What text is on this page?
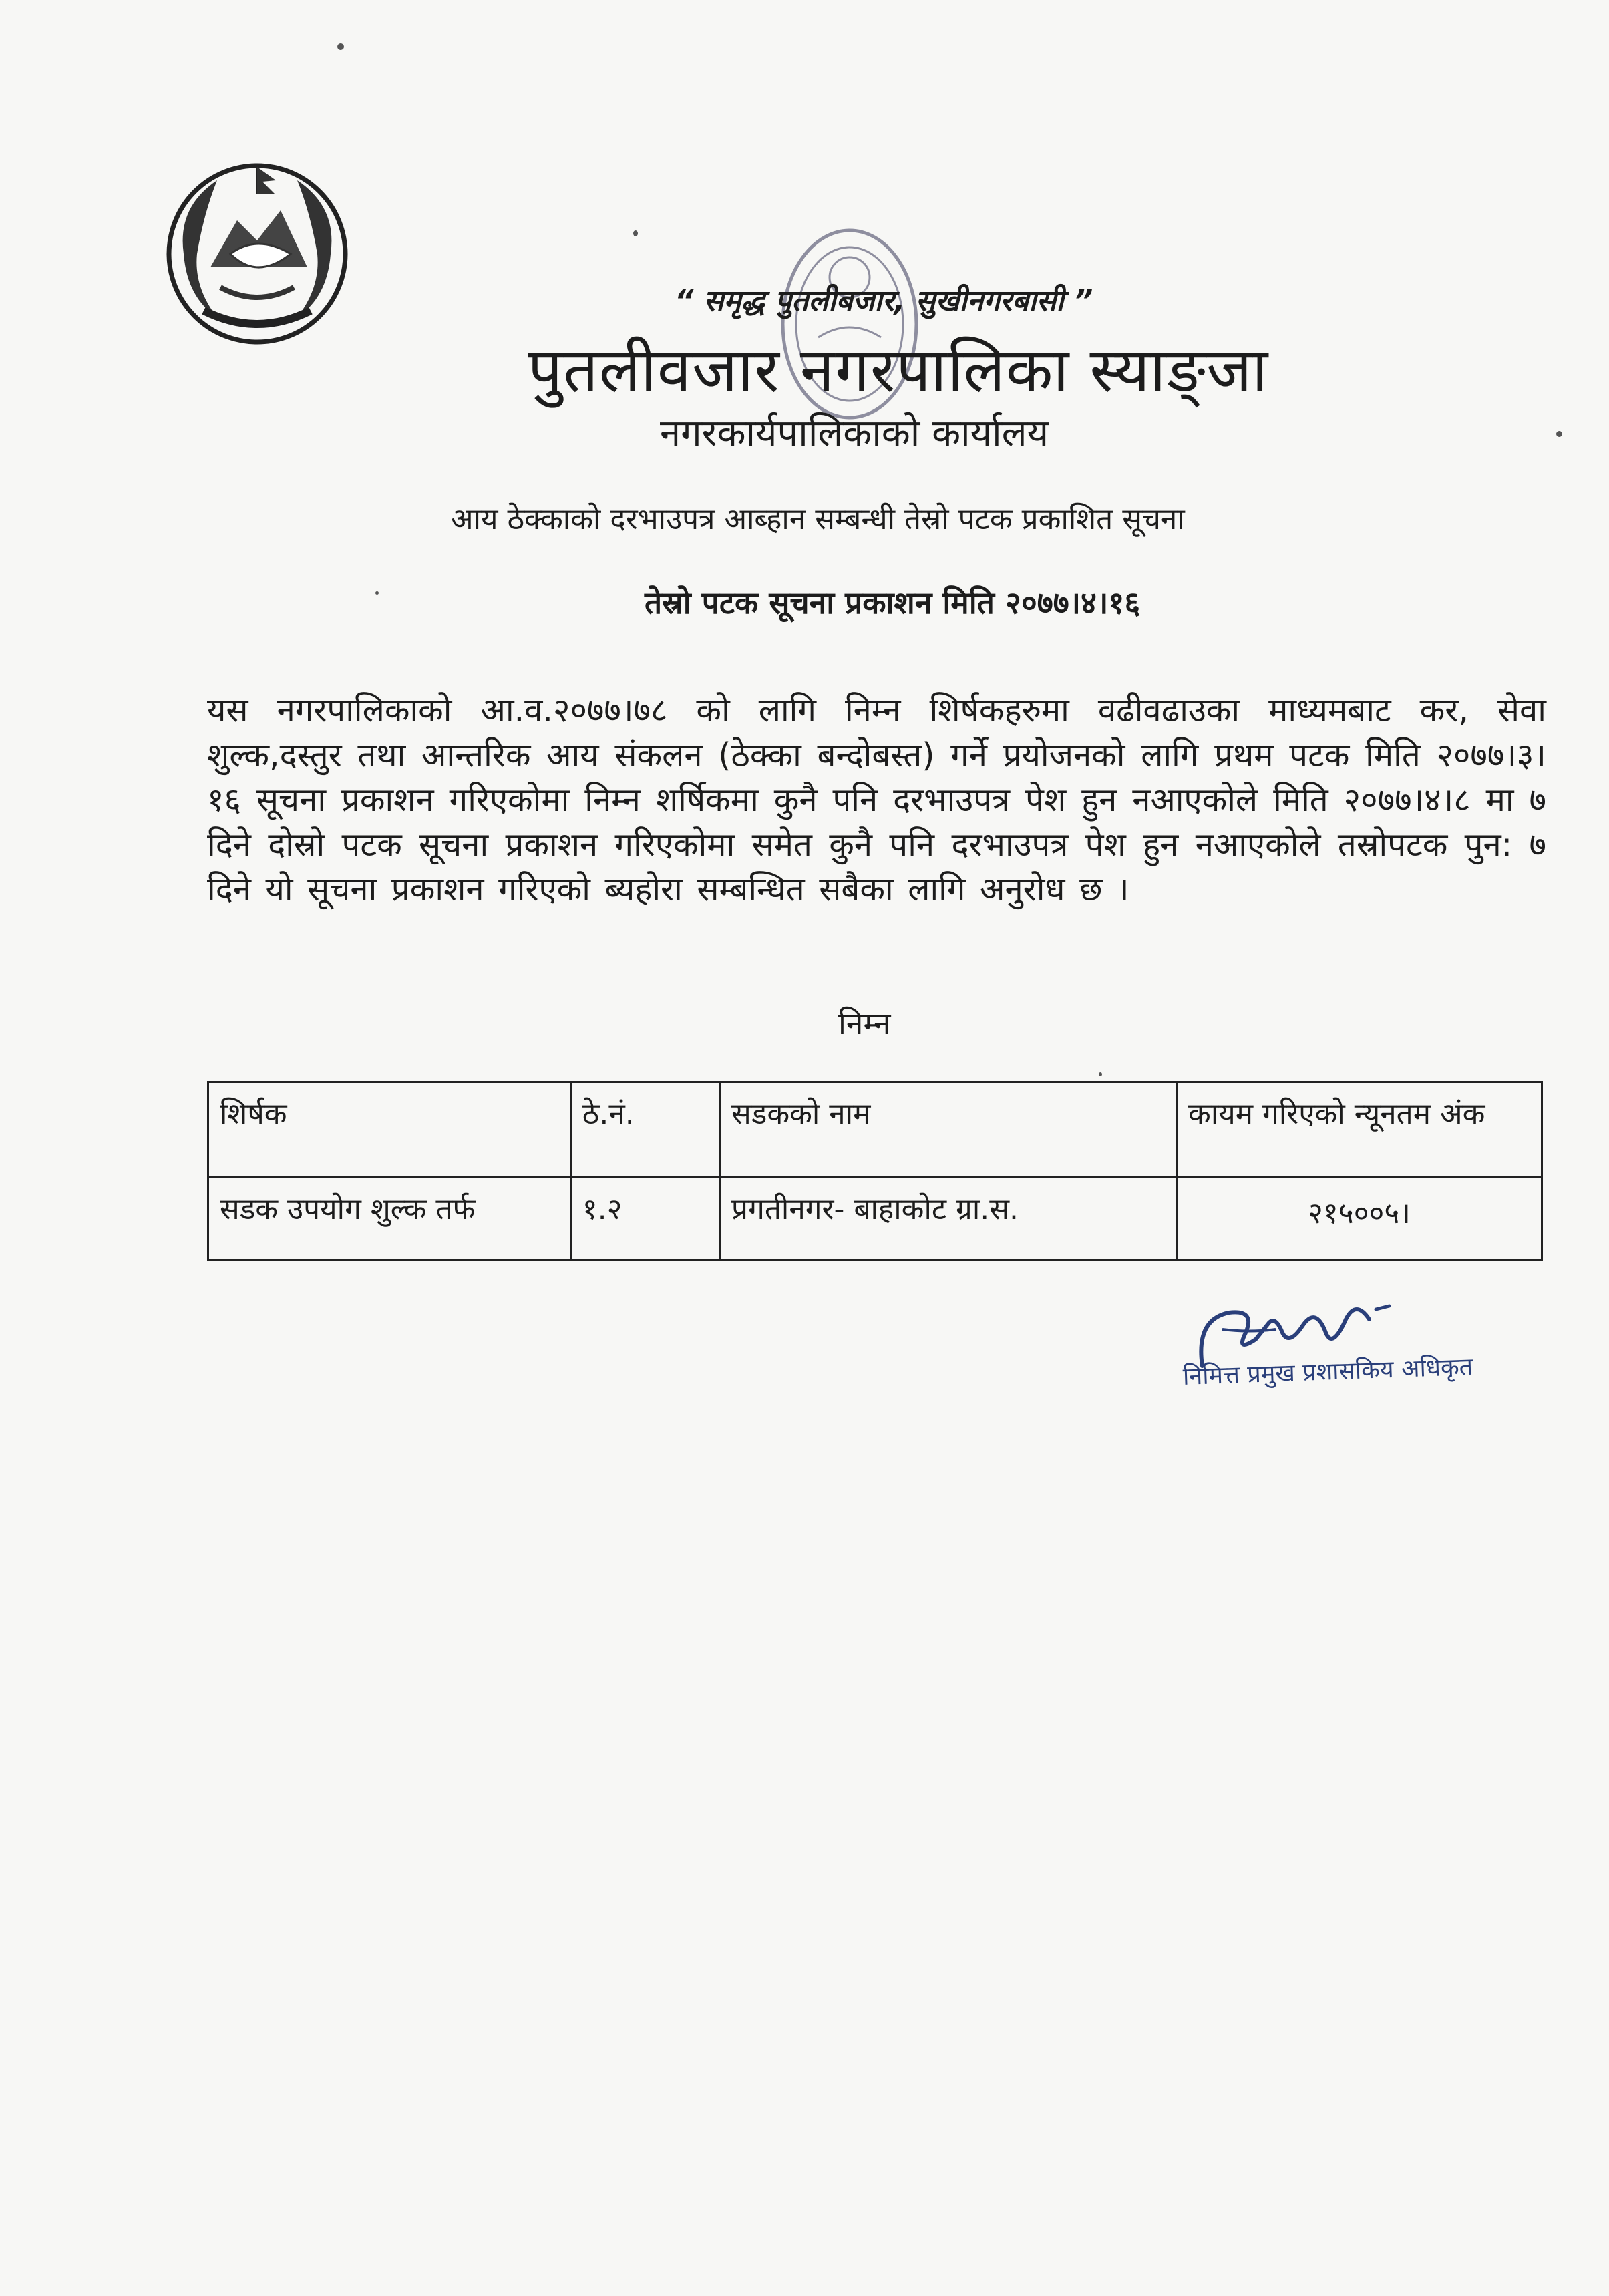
“ समृद्ध पुतलीबजार, सुखीनगरबासी ”
पुतलीवजार नगरपालिका स्याङ्जा
नगरकार्यपालिकाको कार्यालय
आय ठेक्काको दरभाउपत्र आब्हान सम्बन्धी तेस्रो पटक प्रकाशित सूचना
तेस्रो पटक सूचना प्रकाशन मिति २०७७।४।१६
यस नगरपालिकाको आ.व.२०७७।७८ को लागि निम्न शिर्षकहरुमा वढीवढाउका माध्यमबाट कर, सेवा शुल्क,दस्तुर तथा आन्तरिक आय संकलन (ठेक्का बन्दोबस्त) गर्ने प्रयोजनको लागि प्रथम पटक मिति २०७७।३।१६ सूचना प्रकाशन गरिएकोमा निम्न शर्षिकमा कुनै पनि दरभाउपत्र पेश हुन नआएकोले मिति २०७७।४।८ मा ७ दिने दोस्रो पटक सूचना प्रकाशन गरिएकोमा समेत कुनै पनि दरभाउपत्र पेश हुन नआएकोले तस्रोपटक पुन: ७ दिने यो सूचना प्रकाशन गरिएको ब्यहोरा सम्बन्धित सबैका लागि अनुरोध छ ।
निम्न
शिर्षक	ठे.नं.	सडकको नाम	कायम गरिएको न्यूनतम अंक
सडक उपयोग शुल्क तर्फ	१.२	प्रगतीनगर- बाहाकोट ग्रा.स.	२१५००५।
निमित्त प्रमुख प्रशासकिय अधिकृत
